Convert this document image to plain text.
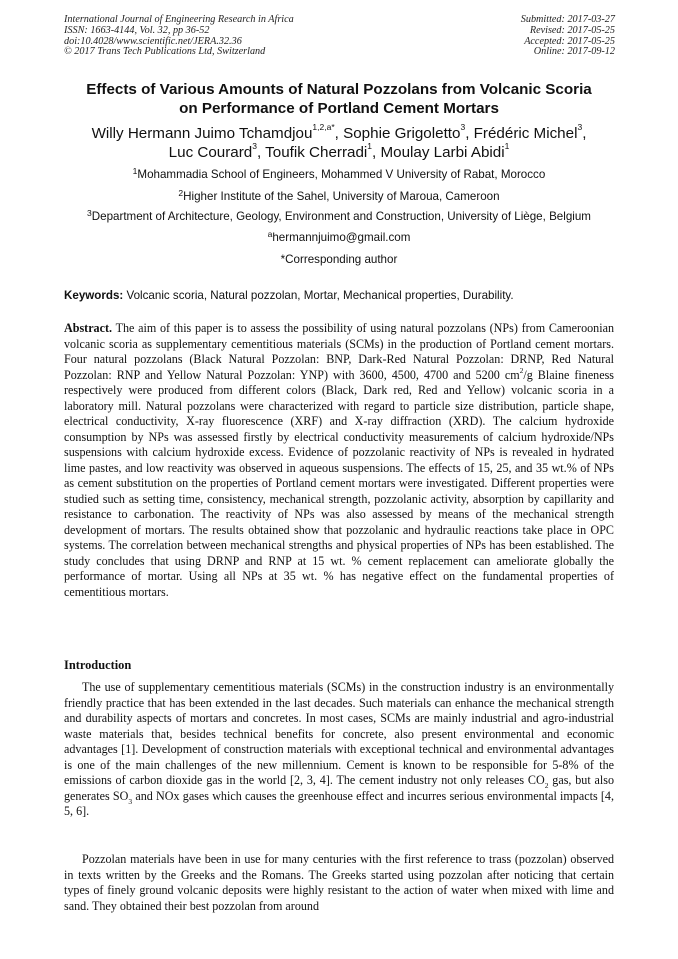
International Journal of Engineering Research in Africa
ISSN: 1663-4144, Vol. 32, pp 36-52
doi:10.4028/www.scientific.net/JERA.32.36
© 2017 Trans Tech Publications Ltd, Switzerland
Submitted: 2017-03-27
Revised: 2017-05-25
Accepted: 2017-05-25
Online: 2017-09-12
Effects of Various Amounts of Natural Pozzolans from Volcanic Scoria
on Performance of Portland Cement Mortars
Willy Hermann Juimo Tchamdjou$^{1,2,a*}$, Sophie Grigoletto$^3$, Frédéric Michel$^3$,
Luc Courard$^3$, Toufik Cherradi$^1$, Moulay Larbi Abidi$^1$
$^1$Mohammadia School of Engineers, Mohammed V University of Rabat, Morocco
$^2$Higher Institute of the Sahel, University of Maroua, Cameroon
$^3$Department of Architecture, Geology, Environment and Construction, University of Liège, Belgium
$^a$hermannjuimo@gmail.com
*Corresponding author
Keywords: Volcanic scoria, Natural pozzolan, Mortar, Mechanical properties, Durability.
Abstract. The aim of this paper is to assess the possibility of using natural pozzolans (NPs) from Cameroonian volcanic scoria as supplementary cementitious materials (SCMs) in the production of Portland cement mortars. Four natural pozzolans (Black Natural Pozzolan: BNP, Dark-Red Natural Pozzolan: DRNP, Red Natural Pozzolan: RNP and Yellow Natural Pozzolan: YNP) with 3600, 4500, 4700 and 5200 $cm^2/g$ Blaine fineness respectively were produced from different colors (Black, Dark red, Red and Yellow) volcanic scoria in a laboratory mill. Natural pozzolans were characterized with regard to particle size distribution, particle shape, electrical conductivity, X-ray fluorescence (XRF) and X-ray diffraction (XRD). The calcium hydroxide consumption by NPs was assessed firstly by electrical conductivity measurements of calcium hydroxide/NPs suspensions with calcium hydroxide excess. Evidence of pozzolanic reactivity of NPs is revealed in hydrated lime pastes, and low reactivity was observed in aqueous suspensions. The effects of 15, 25, and 35 wt.% of NPs as cement substitution on the properties of Portland cement mortars were investigated. Different properties were studied such as setting time, consistency, mechanical strength, pozzolanic activity, absorption by capillarity and resistance to carbonation. The reactivity of NPs was also assessed by means of the mechanical strength development of mortars. The results obtained show that pozzolanic and hydraulic reactions take place in OPC systems. The correlation between mechanical strengths and physical properties of NPs has been established. The study concludes that using DRNP and RNP at 15 wt. % cement replacement can ameliorate globally the performance of mortar. Using all NPs at 35 wt. % has negative effect on the fundamental properties of cementitious mortars.
Introduction
The use of supplementary cementitious materials (SCMs) in the construction industry is an environmentally friendly practice that has been extended in the last decades. Such materials can enhance the mechanical strength and durability aspects of mortars and concretes. In most cases, SCMs are mainly industrial and agro-industrial waste materials that, besides technical benefits for concrete, also present environmental and economic advantages [1]. Development of construction materials with exceptional technical and environmental advantages is one of the main challenges of the new millennium. Cement is known to be responsible for 5-8% of the emissions of carbon dioxide gas in the world [2, 3, 4]. The cement industry not only releases $CO_2$ gas, but also generates $SO_3$ and NOx gases which causes the greenhouse effect and incurres serious environmental impacts [4, 5, 6].
Pozzolan materials have been in use for many centuries with the first reference to trass (pozzolan) observed in texts written by the Greeks and the Romans. The Greeks started using pozzolan after noticing that certain types of finely ground volcanic deposits were highly resistant to the action of water when mixed with lime and sand. They obtained their best pozzolan from around
